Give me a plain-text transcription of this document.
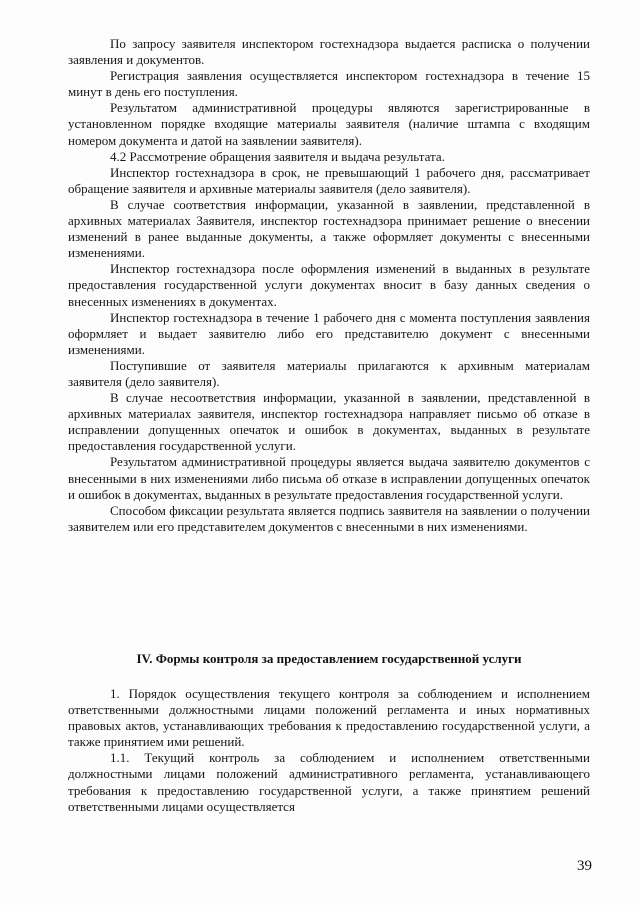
По запросу заявителя инспектором гостехнадзора выдается расписка о получении заявления и документов.

Регистрация заявления осуществляется инспектором гостехнадзора в течение 15 минут в день его поступления.

Результатом административной процедуры являются зарегистрированные в установленном порядке входящие материалы заявителя (наличие штампа с входящим номером документа и датой на заявлении заявителя).

4.2 Рассмотрение обращения заявителя и выдача результата.

Инспектор гостехнадзора в срок, не превышающий 1 рабочего дня, рассматривает обращение заявителя и архивные материалы заявителя (дело заявителя).

В случае соответствия информации, указанной в заявлении, представленной в архивных материалах Заявителя, инспектор гостехнадзора принимает решение о внесении изменений в ранее выданные документы, а также оформляет документы с внесенными изменениями.

Инспектор гостехнадзора после оформления изменений в выданных в результате предоставления государственной услуги документах вносит в базу данных сведения о внесенных изменениях в документах.

Инспектор гостехнадзора в течение 1 рабочего дня с момента поступления заявления оформляет и выдает заявителю либо его представителю документ с внесенными изменениями.

Поступившие от заявителя материалы прилагаются к архивным материалам заявителя (дело заявителя).

В случае несоответствия информации, указанной в заявлении, представленной в архивных материалах заявителя, инспектор гостехнадзора направляет письмо об отказе в исправлении допущенных опечаток и ошибок в документах, выданных в результате предоставления государственной услуги.

Результатом административной процедуры является выдача заявителю документов с внесенными в них изменениями либо письма об отказе в исправлении допущенных опечаток и ошибок в документах, выданных в результате предоставления государственной услуги.

Способом фиксации результата является подпись заявителя на заявлении о получении заявителем или его представителем документов с внесенными в них изменениями.

IV. Формы контроля за предоставлением государственной услуги

1. Порядок осуществления текущего контроля за соблюдением и исполнением ответственными должностными лицами положений регламента и иных нормативных правовых актов, устанавливающих требования к предоставлению государственной услуги, а также принятием ими решений.

1.1. Текущий контроль за соблюдением и исполнением ответственными должностными лицами положений административного регламента, устанавливающего требования к предоставлению государственной услуги, а также принятием решений ответственными лицами осуществляется

39
